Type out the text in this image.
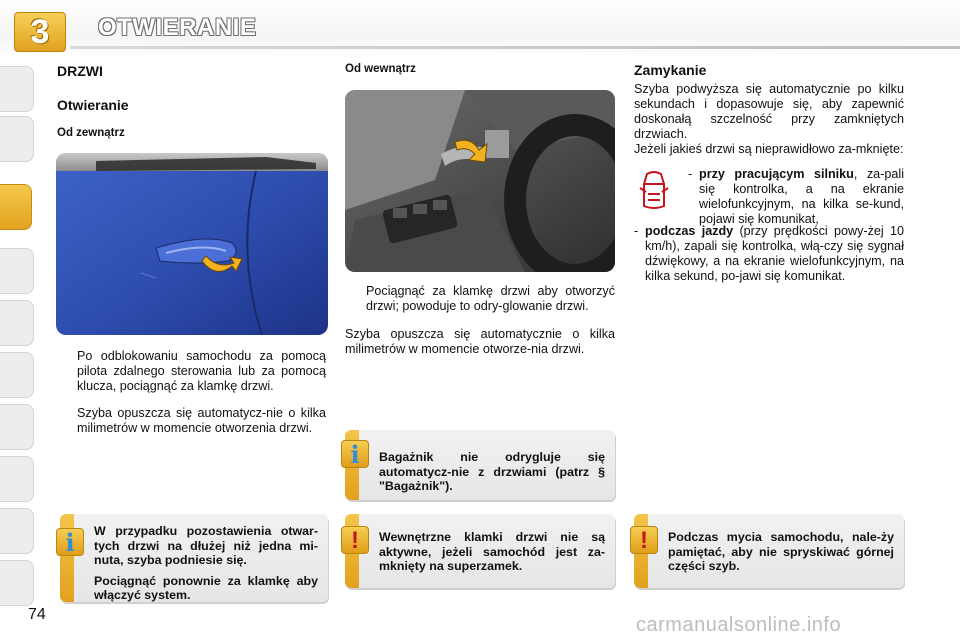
3	OTWIERANIE
DRZWI
Otwieranie
Od zewnątrz
Po odblokowaniu samochodu za pomocą pilota zdalnego sterowania lub za pomocą klucza, pociągnąć za klamkę drzwi.
Szyba opuszcza się automatycz-nie o kilka milimetrów w momencie otworzenia drzwi.
Od wewnątrz
Pociągnąć za klamkę drzwi aby otworzyć drzwi; powoduje to odry-glowanie drzwi.
Szyba opuszcza się automatycznie o kilka milimetrów w momencie otworze-nia drzwi.
i	Bagażnik nie odrygluje się automatycz-nie z drzwiami (patrz § "Bagażnik").
Zamykanie
Szyba podwyższa się automatycznie po kilku sekundach i dopasowuje się, aby zapewnić doskonałą szczelność przy zamkniętych drzwiach.
Jeżeli jakieś drzwi są nieprawidłowo za-mknięte:
- przy pracującym silniku, za-pali się kontrolka, a na ekranie wielofunkcyjnym, na kilka se-kund, pojawi się komunikat,
- podczas jazdy (przy prędkości powy-żej 10 km/h), zapali się kontrolka, włą-czy się sygnał dźwiękowy, a na ekranie wielofunkcyjnym, na kilka sekund, po-jawi się komunikat.
i	W przypadku pozostawienia otwar-tych drzwi na dłużej niż jedna mi-nuta, szyba podniesie się.

Pociągnąć ponownie za klamkę aby włączyć system.

!	Wewnętrzne klamki drzwi nie są aktywne, jeżeli samochód jest za-mknięty na superzamek.
!	Podczas mycia samochodu, nale-ży pamiętać, aby nie spryskiwać górnej części szyb.
74	carmanualsonline.info
